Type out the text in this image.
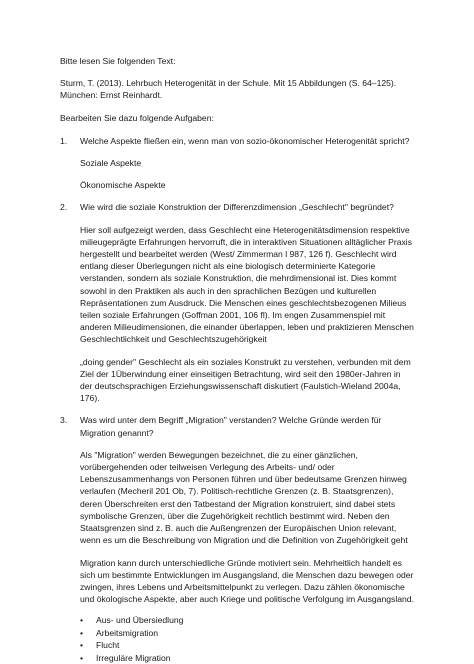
Bitte lesen Sie folgenden Text:

Sturm, T. (2013). Lehrbuch Heterogenität in der Schule. Mit 15 Abbildungen (S. 64–125). München: Ernst Reinhardt.

Bearbeiten Sie dazu folgende Aufgaben:

1. Welche Aspekte fließen ein, wenn man von sozio-ökonomischer Heterogenität spricht?

Soziale Aspekte

Ökonomische Aspekte

2. Wie wird die soziale Konstruktion der Differenzdimension „Geschlecht" begründet?

Hier soll aufgezeigt werden, dass Geschlecht eine Heterogenitätsdimension respektive milieugeprägte Erfahrungen hervorruft, die in interaktiven Situationen alltäglicher Praxis hergestellt und bearbeitet werden (West/ Zimmerman l 987, 126 f). Geschlecht wird entlang dieser Überlegungen nicht als eine biologisch determinierte Kategorie verstanden, sondern als soziale Konstruktion, die mehrdimensional ist. Dies kommt sowohl in den Praktiken als auch in den sprachlichen Bezügen und kulturellen Repräsentationen zum Ausdruck. Die Menschen eines geschlechtsbezogenen Milieus teilen soziale Erfahrungen (Goffman 2001, 106 fl). Im engen Zusammenspiel mit anderen Milieudimensionen, die einander überlappen, leben und praktizieren Menschen Geschlechtlichkeit und Geschlechtszugehörigkeit

„doing gender" Geschlecht als ein soziales Konstrukt zu verstehen, verbunden mit dem Ziel der 1Überwindung einer einseitigen Betrachtung, wird seit den 1980er-Jahren in der deutschsprachigen Erziehungswissenschaft diskutiert (Faulstich-Wieland 2004a, 176).

3. Was wird unter dem Begriff „Migration" verstanden? Welche Gründe werden für Migration genannt?

Als "Migration" werden Bewegungen bezeichnet, die zu einer gänzlichen, vorübergehenden oder teilweisen Verlegung des Arbeits- und/ oder Lebenszusammenhangs von Personen führen und über bedeutsame Grenzen hinweg verlaufen (Mecheril 201 Ob, 7). Politisch-rechtliche Grenzen (z. B. Staatsgrenzen), deren Überschreiten erst den Tatbestand der Migration konstruiert, sind dabei stets symbolische Grenzen, über die Zugehörigkeit rechtlich bestimmt wird. Neben den Staatsgrenzen sind z. B. auch die Außengrenzen der Europäischen Union relevant, wenn es um die Beschreibung von Migration und die Definition von Zugehörigkeit geht

Migration kann durch unterschiedliche Gründe motiviert sein. Mehrheitlich handelt es sich um bestimmte Entwicklungen im Ausgangsland, die Menschen dazu bewegen oder zwingen, ihres Lebens und Arbeitsmittelpunkt zu verlegen. Dazu zählen ökonomische und ökologische Aspekte, aber auch Kriege und politische Verfolgung im Ausgangsland.

• Aus- und Übersiedlung
• Arbeitsmigration
• Flucht
• Irreguläre Migration
